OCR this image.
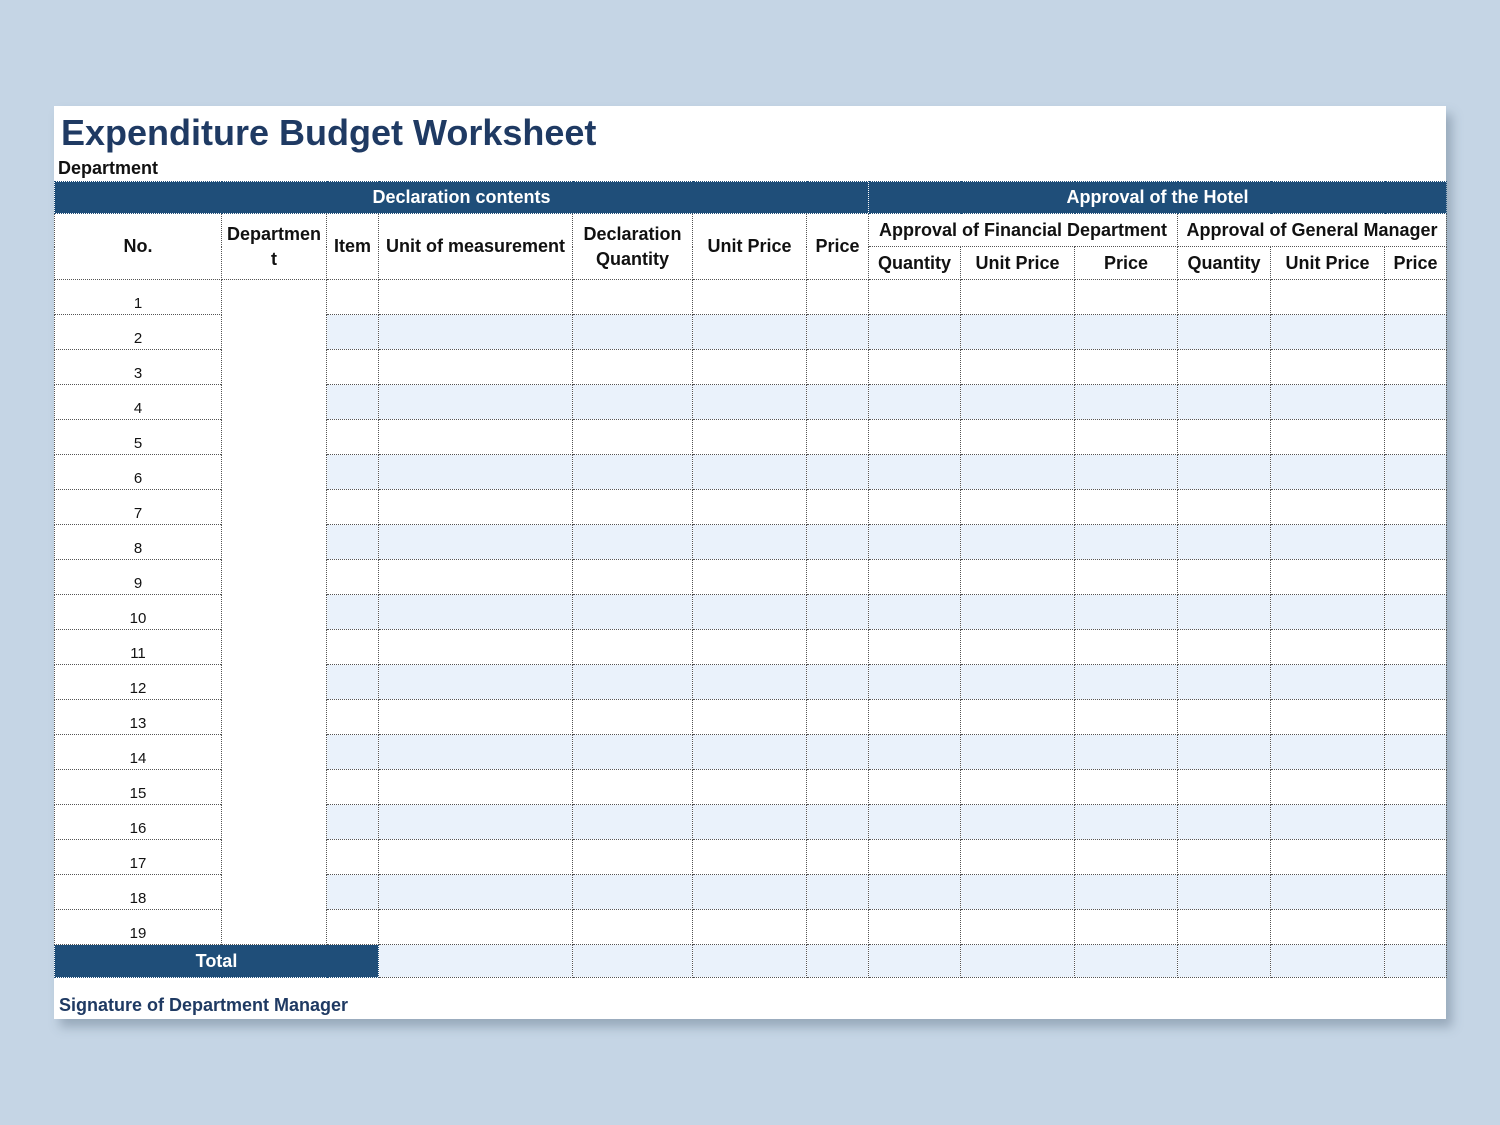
Expenditure Budget Worksheet
Department
Declaration contents							Approval of the Hotel					
No.	Departmen t	Item	Unit of measurement	Declaration Quantity	Unit Price	Price	Approval of Financial Department			Approval of General Manager		
							Quantity	Unit Price	Price	Quantity	Unit Price	Price
1												
2												
3												
4												
5												
6												
7												
8												
9												
10												
11												
12												
13												
14												
15												
16												
17												
18												
19												
Total												
Signature of Department Manager
